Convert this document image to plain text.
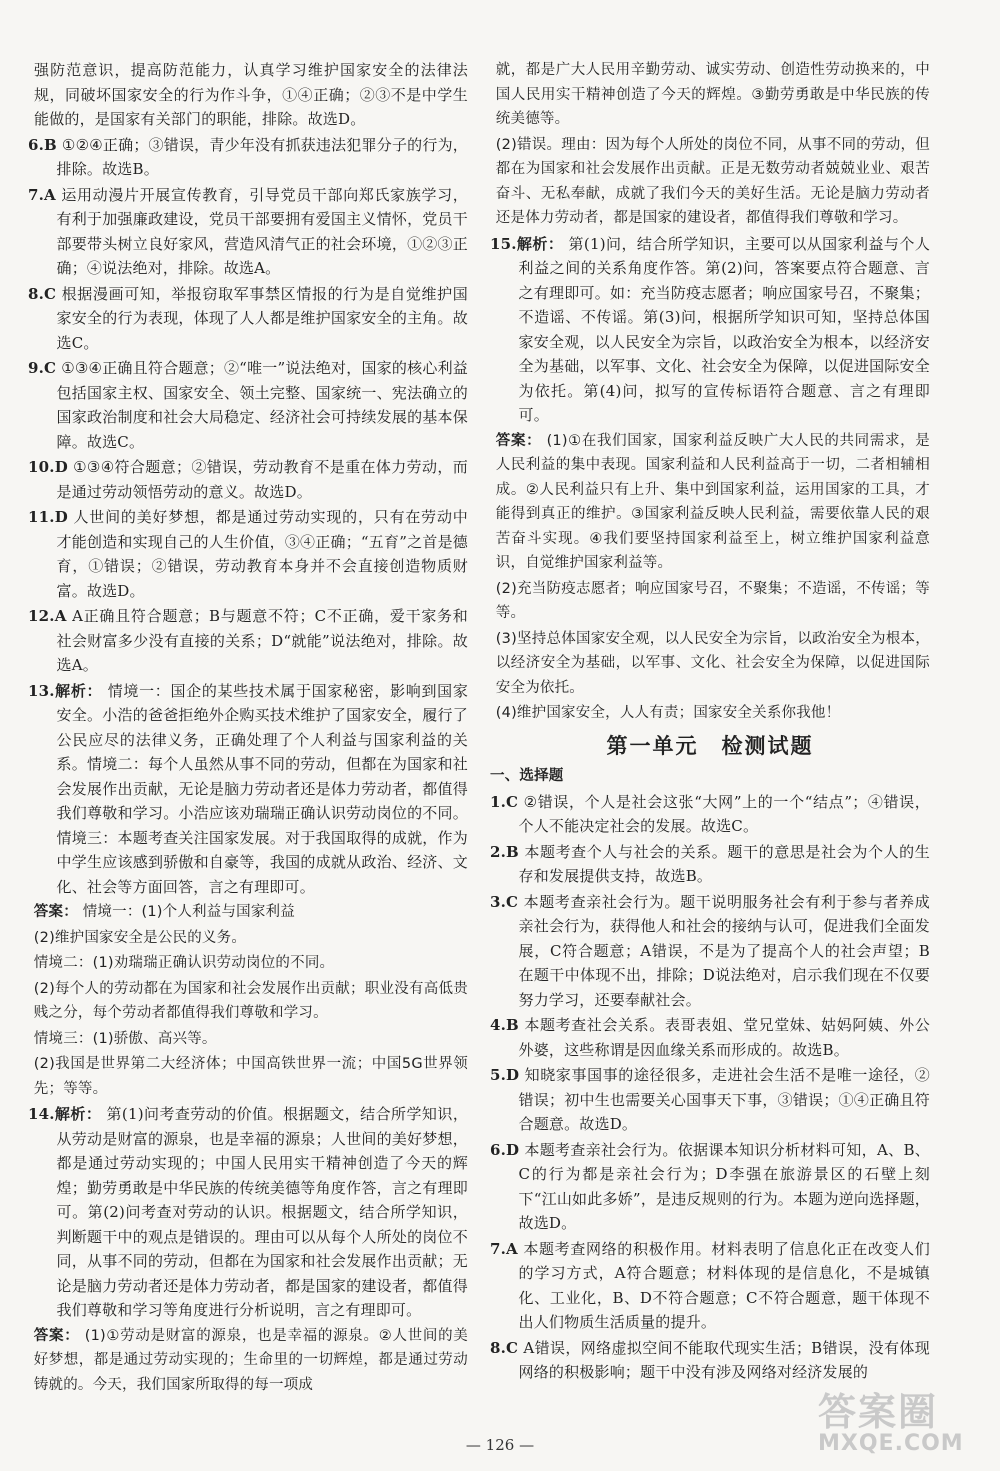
强防范意识，提高防范能力，认真学习维护国家安全的法律法规，同破坏国家安全的行为作斗争，①④正确；②③不是中学生能做的，是国家有关部门的职能，排除。故选D。
6.B ①②④正确；③错误，青少年没有抓获违法犯罪分子的行为，排除。故选B。
7.A 运用动漫片开展宣传教育，引导党员干部向郑氏家族学习，有利于加强廉政建设，党员干部要拥有爱国主义情怀，党员干部要带头树立良好家风，营造风清气正的社会环境，①②③正确；④说法绝对，排除。故选A。
8.C 根据漫画可知，举报窃取军事禁区情报的行为是自觉维护国家安全的行为表现，体现了人人都是维护国家安全的主角。故选C。
9.C ①③④正确且符合题意；②“唯一”说法绝对，国家的核心利益包括国家主权、国家安全、领土完整、国家统一、宪法确立的国家政治制度和社会大局稳定、经济社会可持续发展的基本保障。故选C。
10.D ①③④符合题意；②错误，劳动教育不是重在体力劳动，而是通过劳动领悟劳动的意义。故选D。
11.D 人世间的美好梦想，都是通过劳动实现的，只有在劳动中才能创造和实现自己的人生价值，③④正确；“五育”之首是德育，①错误；②错误，劳动教育本身并不会直接创造物质财富。故选D。
12.A A正确且符合题意；B与题意不符；C不正确，爱干家务和社会财富多少没有直接的关系；D“就能”说法绝对，排除。故选A。
13.解析： 情境一：国企的某些技术属于国家秘密，影响到国家安全。小浩的爸爸拒绝外企购买技术维护了国家安全，履行了公民应尽的法律义务，正确处理了个人利益与国家利益的关系。情境二：每个人虽然从事不同的劳动，但都在为国家和社会发展作出贡献，无论是脑力劳动者还是体力劳动者，都值得我们尊敬和学习。小浩应该劝瑞瑞正确认识劳动岗位的不同。情境三：本题考查关注国家发展。对于我国取得的成就，作为中学生应该感到骄傲和自豪等，我国的成就从政治、经济、文化、社会等方面回答，言之有理即可。
答案： 情境一：(1)个人利益与国家利益
(2)维护国家安全是公民的义务。
情境二：(1)劝瑞瑞正确认识劳动岗位的不同。
(2)每个人的劳动都在为国家和社会发展作出贡献；职业没有高低贵贱之分，每个劳动者都值得我们尊敬和学习。
情境三：(1)骄傲、高兴等。
(2)我国是世界第二大经济体；中国高铁世界一流；中国5G世界领先；等等。
14.解析： 第(1)问考查劳动的价值。根据题文，结合所学知识，从劳动是财富的源泉，也是幸福的源泉；人世间的美好梦想，都是通过劳动实现的；中国人民用实干精神创造了今天的辉煌；勤劳勇敢是中华民族的传统美德等角度作答，言之有理即可。第(2)问考查对劳动的认识。根据题文，结合所学知识，判断题干中的观点是错误的。理由可以从每个人所处的岗位不同，从事不同的劳动，但都在为国家和社会发展作出贡献；无论是脑力劳动者还是体力劳动者，都是国家的建设者，都值得我们尊敬和学习等角度进行分析说明，言之有理即可。
答案： (1)①劳动是财富的源泉，也是幸福的源泉。②人世间的美好梦想，都是通过劳动实现的；生命里的一切辉煌，都是通过劳动铸就的。今天，我们国家所取得的每一项成
就，都是广大人民用辛勤劳动、诚实劳动、创造性劳动换来的，中国人民用实干精神创造了今天的辉煌。③勤劳勇敢是中华民族的传统美德等。
(2)错误。理由：因为每个人所处的岗位不同，从事不同的劳动，但都在为国家和社会发展作出贡献。正是无数劳动者兢兢业业、艰苦奋斗、无私奉献，成就了我们今天的美好生活。无论是脑力劳动者还是体力劳动者，都是国家的建设者，都值得我们尊敬和学习。
15.解析： 第(1)问，结合所学知识，主要可以从国家利益与个人利益之间的关系角度作答。第(2)问，答案要点符合题意、言之有理即可。如：充当防疫志愿者；响应国家号召，不聚集；不造谣、不传谣。第(3)问，根据所学知识可知，坚持总体国家安全观，以人民安全为宗旨，以政治安全为根本，以经济安全为基础，以军事、文化、社会安全为保障，以促进国际安全为依托。第(4)问，拟写的宣传标语符合题意、言之有理即可。
答案： (1)①在我们国家，国家利益反映广大人民的共同需求，是人民利益的集中表现。国家利益和人民利益高于一切，二者相辅相成。②人民利益只有上升、集中到国家利益，运用国家的工具，才能得到真正的维护。③国家利益反映人民利益，需要依靠人民的艰苦奋斗实现。④我们要坚持国家利益至上，树立维护国家利益意识，自觉维护国家利益等。
(2)充当防疫志愿者；响应国家号召，不聚集；不造谣，不传谣；等等。
(3)坚持总体国家安全观，以人民安全为宗旨，以政治安全为根本，以经济安全为基础，以军事、文化、社会安全为保障，以促进国际安全为依托。
(4)维护国家安全，人人有责；国家安全关系你我他！
第一单元　检测试题
一、选择题
1.C ②错误，个人是社会这张“大网”上的一个“结点”；④错误，个人不能决定社会的发展。故选C。
2.B 本题考查个人与社会的关系。题干的意思是社会为个人的生存和发展提供支持，故选B。
3.C 本题考查亲社会行为。题干说明服务社会有利于参与者养成亲社会行为，获得他人和社会的接纳与认可，促进我们全面发展，C符合题意；A错误，不是为了提高个人的社会声望；B在题干中体现不出，排除；D说法绝对，启示我们现在不仅要努力学习，还要奉献社会。
4.B 本题考查社会关系。表哥表姐、堂兄堂妹、姑妈阿姨、外公外婆，这些称谓是因血缘关系而形成的。故选B。
5.D 知晓家事国事的途径很多，走进社会生活不是唯一途径，②错误；初中生也需要关心国事天下事，③错误；①④正确且符合题意。故选D。
6.D 本题考查亲社会行为。依据课本知识分析材料可知，A、B、C的行为都是亲社会行为；D李强在旅游景区的石壁上刻下“江山如此多娇”，是违反规则的行为。本题为逆向选择题，故选D。
7.A 本题考查网络的积极作用。材料表明了信息化正在改变人们的学习方式，A符合题意；材料体现的是信息化，不是城镇化、工业化，B、D不符合题意；C不符合题意，题干体现不出人们物质生活质量的提升。
8.C A错误，网络虚拟空间不能取代现实生活；B错误，没有体现网络的积极影响；题干中没有涉及网络对经济发展的
— 126 —
答案圈
MXQE.COM
